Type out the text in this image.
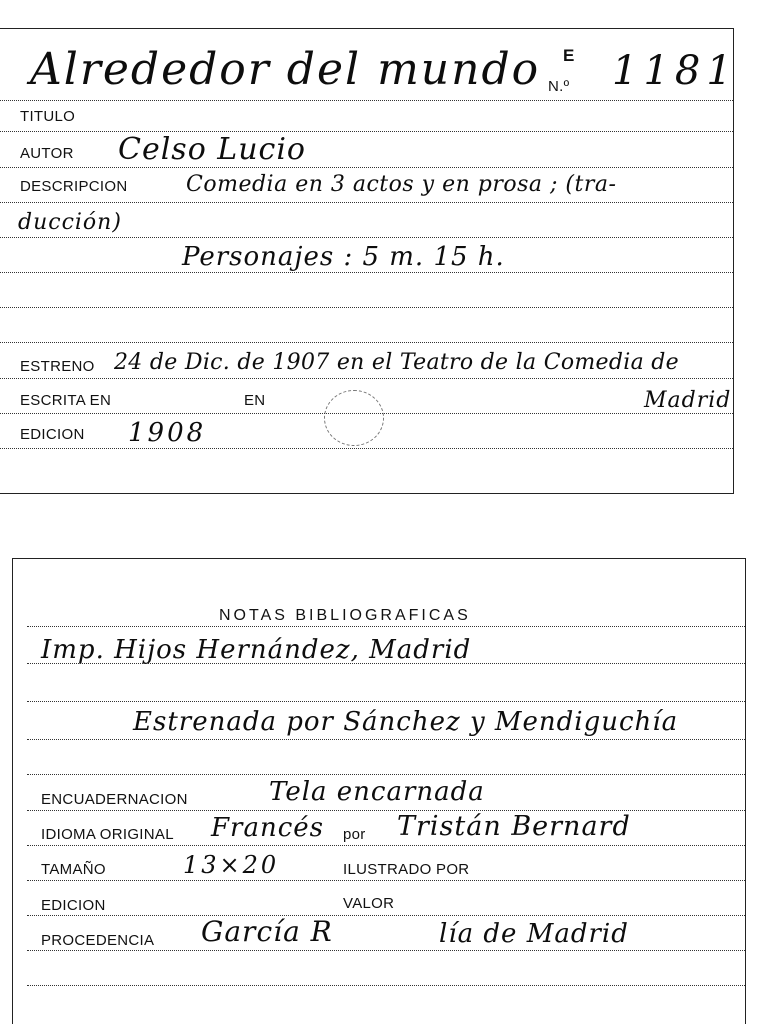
Alrededor del mundo N.º
E 1181
TITULO
AUTOR Celso Lucio
DESCRIPCION	Comedia en 3 actos y en prosa ; (tra-
ducción)
Personajes : 5 m. 15 h.
ESTRENO 24 de Dic. de 1907 en el Teatro de la Comedia de
ESCRITA EN	EN	Madrid
EDICION 1908
NOTAS BIBLIOGRAFICAS
Imp. Hijos Hernández, Madrid
Estrenada por Sánchez y Mendiguchía
ENCUADERNACION	Tela encarnada
IDIOMA ORIGINAL Francés por Tristán Bernard
TAMAÑO	13×20	ILUSTRADO POR
EDICION	VALOR
PROCEDENCIA García R	lía de Madrid
